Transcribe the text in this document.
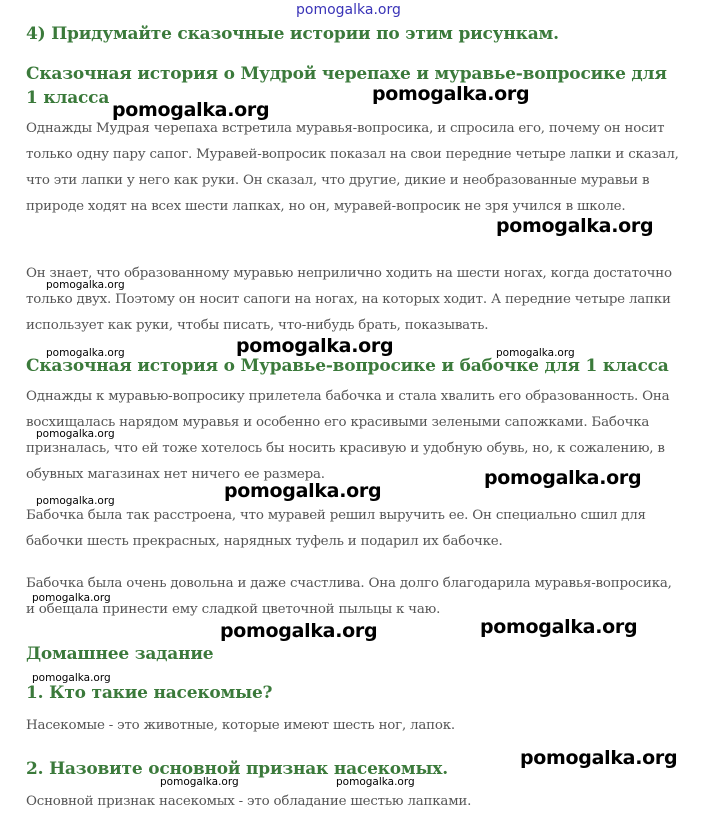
4) Придумайте сказочные истории по этим рисункам.
Сказочная история о Мудрой черепахе и муравье-вопросике для 1 класса

Однажды Мудрая черепаха встретила муравья-вопросика, и спросила его, почему он носит только одну пару сапог. Муравей-вопросик показал на свои передние четыре лапки и сказал, что эти лапки у него как руки. Он сказал, что другие, дикие и необразованные муравьи в природе ходят на всех шести лапках, но он, муравей-вопросик не зря учился в школе.

Он знает, что образованному муравью неприлично ходить на шести ногах, когда достаточно только двух. Поэтому он носит сапоги на ногах, на которых ходит. А передние четыре лапки использует как руки, чтобы писать, что-нибудь брать, показывать.

Сказочная история о Муравье-вопросике и бабочке для 1 класса

Однажды к муравью-вопросику прилетела бабочка и стала хвалить его образованность. Она восхищалась нарядом муравья и особенно его красивыми зелеными сапожками. Бабочка призналась, что ей тоже хотелось бы носить красивую и удобную обувь, но, к сожалению, в обувных магазинах нет ничего ее размера.

Бабочка была так расстроена, что муравей решил выручить ее. Он специально сшил для бабочки шесть прекрасных, нарядных туфель и подарил их бабочке.

Бабочка была очень довольна и даже счастлива. Она долго благодарила муравья-вопросика, и обещала принести ему сладкой цветочной пыльцы к чаю.

Домашнее задание
1. Кто такие насекомые?

Насекомые - это животные, которые имеют шесть ног, лапок.

2. Назовите основной признак насекомых.

Основной признак насекомых - это обладание шестью лапками.

pomogalka.org
pomogalka.org
pomogalka.org
pomogalka.org
pomogalka.org
pomogalka.org
pomogalka.org	pomogalka.org
pomogalka.org
pomogalka.org
pomogalka.org
pomogalka.org
pomogalka.org
pomogalka.org	pomogalka.org
pomogalka.org
pomogalka.org
pomogalka.org	pomogalka.org
